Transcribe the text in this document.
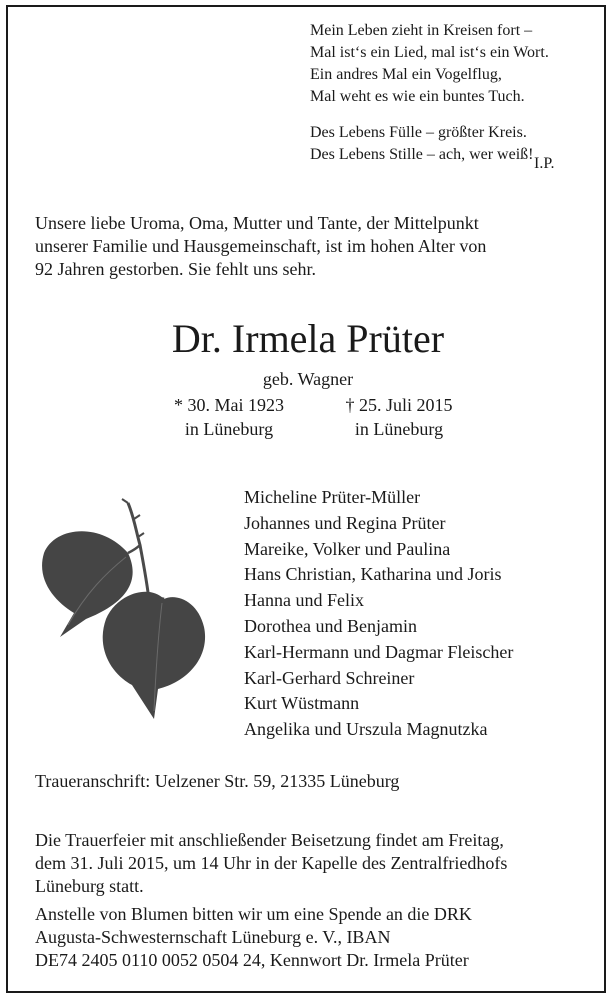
Mein Leben zieht in Kreisen fort –

Mal ist‘s ein Lied, mal ist‘s ein Wort.

Ein andres Mal ein Vogelflug,

Mal weht es wie ein buntes Tuch.

Des Lebens Fülle – größter Kreis.

Des Lebens Stille – ach, wer weiß!

I.P.
Unsere liebe Uroma, Oma, Mutter und Tante, der Mittelpunkt
unserer Familie und Hausgemeinschaft, ist im hohen Alter von
92 Jahren gestorben. Sie fehlt uns sehr.
Dr. Irmela Prüter
geb. Wagner
* 30. Mai 1923
in Lüneburg
† 25. Juli 2015
in Lüneburg
Micheline Prüter-Müller
Johannes und Regina Prüter
Mareike, Volker und Paulina
Hans Christian, Katharina und Joris
Hanna und Felix
Dorothea und Benjamin
Karl-Hermann und Dagmar Fleischer
Karl-Gerhard Schreiner
Kurt Wüstmann
Angelika und Urszula Magnutzka
Traueranschrift: Uelzener Str. 59, 21335 Lüneburg
Die Trauerfeier mit anschließender Beisetzung findet am Freitag,
dem 31. Juli 2015, um 14 Uhr in der Kapelle des Zentralfriedhofs
Lüneburg statt.
Anstelle von Blumen bitten wir um eine Spende an die DRK
Augusta-Schwesternschaft Lüneburg e. V., IBAN
DE74 2405 0110 0052 0504 24, Kennwort Dr. Irmela Prüter
